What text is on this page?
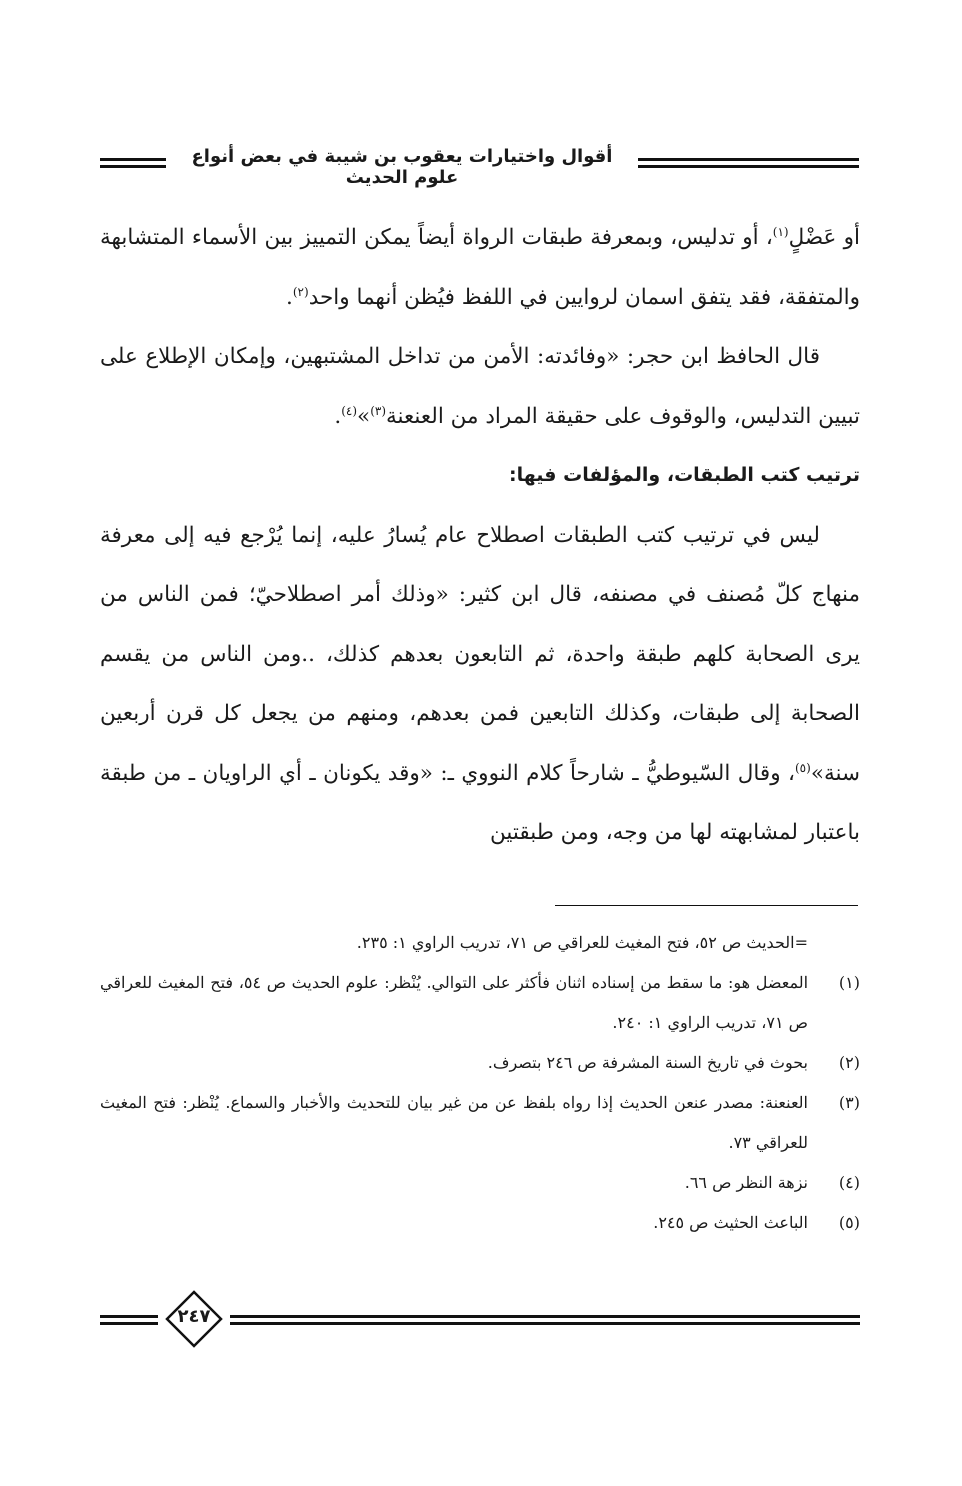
أقوال واختيارات يعقوب بن شيبة في بعض أنواع علوم الحديث

أو عَضْلٍ$^{(١)}$، أو تدليس، وبمعرفة طبقات الرواة أيضاً يمكن التمييز بين الأسماء المتشابهة والمتفقة، فقد يتفق اسمان لروايين في اللفظ فيُظن أنهما واحد$^{(٢)}$.

قال الحافظ ابن حجر: «وفائدته: الأمن من تداخل المشتبهين، وإمكان الإطلاع على تبيين التدليس، والوقوف على حقيقة المراد من العنعنة$^{(٣)}$»$^{(٤)}$.

ترتيب كتب الطبقات، والمؤلفات فيها:

ليس في ترتيب كتب الطبقات اصطلاح عام يُسارُ عليه، إنما يُرْجع فيه إلى معرفة منهاج كلّ مُصنف في مصنفه، قال ابن كثير: «وذلك أمر اصطلاحيّ؛ فمن الناس من يرى الصحابة كلهم طبقة واحدة، ثم التابعون بعدهم كذلك، ..ومن الناس من يقسم الصحابة إلى طبقات، وكذلك التابعين فمن بعدهم، ومنهم من يجعل كل قرن أربعين سنة»$^{(٥)}$، وقال السّيوطيُّ ـ شارحاً كلام النووي ـ: «وقد يكونان ـ أي الراويان ـ من طبقة باعتبار لمشابهته لها من وجه، ومن طبقتين

=الحديث ص ٥٢، فتح المغيث للعراقي ص ٧١، تدريب الراوي ١: ٢٣٥.
(١)
المعضل هو: ما سقط من إسناده اثنان فأكثر على التوالي. يُنْظر: علوم الحديث ص ٥٤، فتح المغيث للعراقي ص ٧١، تدريب الراوي ١: ٢٤٠.
(٢)
بحوث في تاريخ السنة المشرفة ص ٢٤٦ بتصرف.
(٣)
العنعنة: مصدر عنعن الحديث إذا رواه بلفظ عن من غير بيان للتحديث والأخبار والسماع. يُنْظر: فتح المغيث للعراقي ٧٣.
(٤)
نزهة النظر ص ٦٦.
(٥)
الباعث الحثيث ص ٢٤٥.
٢٤٧
